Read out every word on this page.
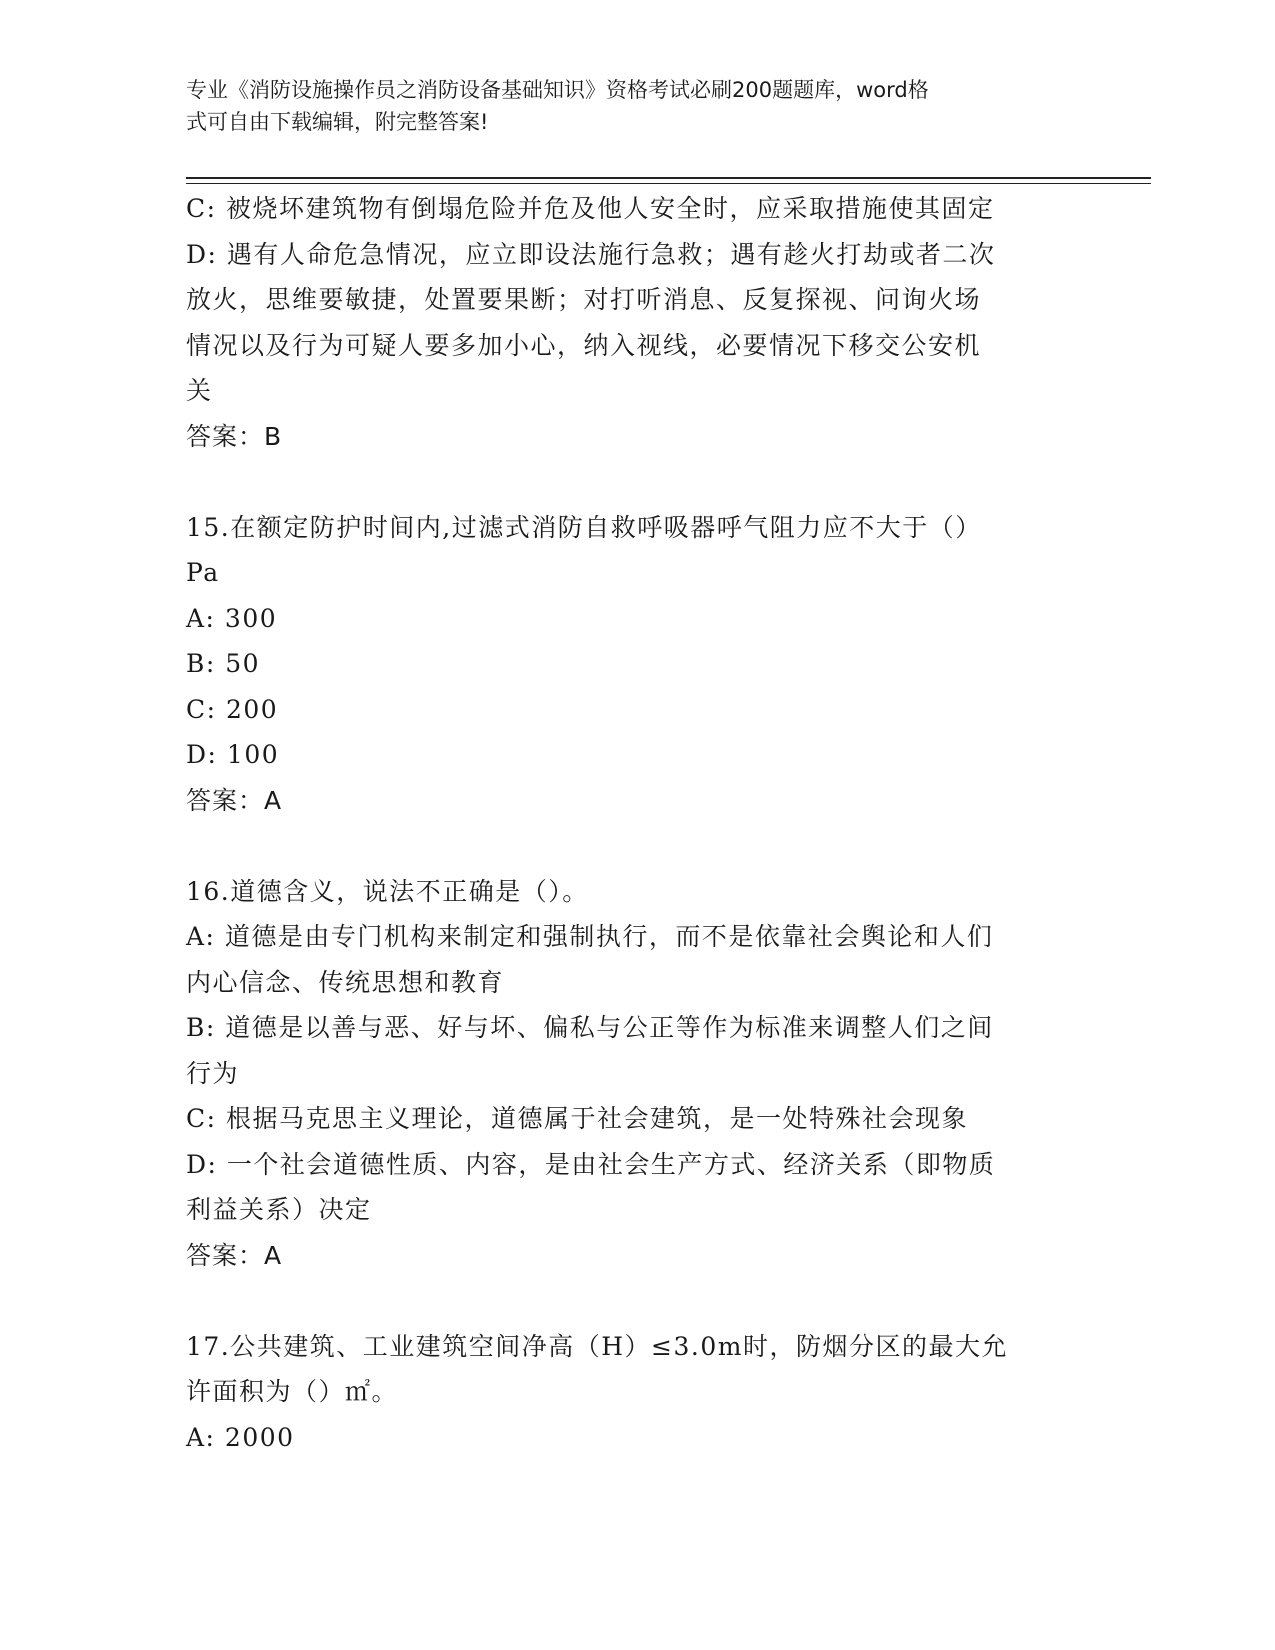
专业《消防设施操作员之消防设备基础知识》资格考试必刷200题题库，word格
式可自由下载编辑，附完整答案!
C: 被烧坏建筑物有倒塌危险并危及他人安全时，应采取措施使其固定
D: 遇有人命危急情况，应立即设法施行急救；遇有趁火打劫或者二次
放火，思维要敏捷，处置要果断；对打听消息、反复探视、问询火场
情况以及行为可疑人要多加小心，纳入视线，必要情况下移交公安机
关
答案：B
15.在额定防护时间内,过滤式消防自救呼吸器呼气阻力应不大于（）
Pa
A: 300
B: 50
C: 200
D: 100
答案：A
16.道德含义，说法不正确是（）。
A: 道德是由专门机构来制定和强制执行，而不是依靠社会舆论和人们
内心信念、传统思想和教育
B: 道德是以善与恶、好与坏、偏私与公正等作为标准来调整人们之间
行为
C: 根据马克思主义理论，道德属于社会建筑，是一处特殊社会现象
D: 一个社会道德性质、内容，是由社会生产方式、经济关系（即物质
利益关系）决定
答案：A
17.公共建筑、工业建筑空间净高（H）≤3.0m时，防烟分区的最大允
许面积为（）㎡。
A: 2000
